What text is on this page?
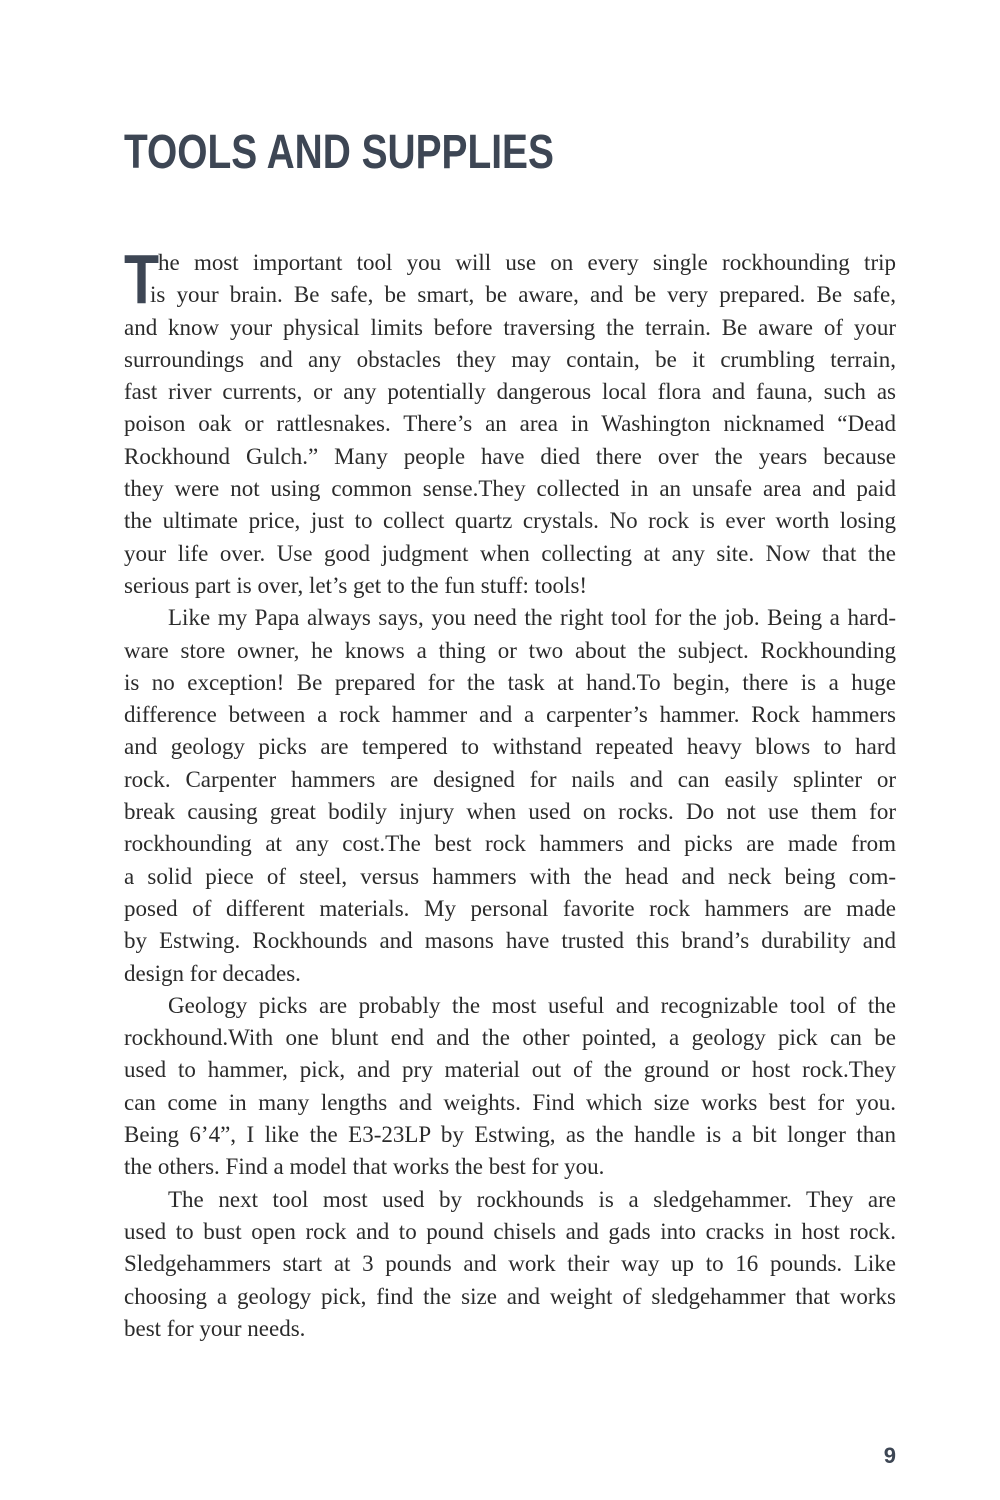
TOOLS AND SUPPLIES
T
he most important tool you will use on every single rockhounding trip
is your brain. Be safe, be smart, be aware, and be very prepared. Be safe,
and know your physical limits before traversing the terrain. Be aware of your
surroundings and any obstacles they may contain, be it crumbling terrain,
fast river currents, or any potentially dangerous local flora and fauna, such as
poison oak or rattlesnakes. There’s an area in Washington nicknamed “Dead
Rockhound Gulch.” Many people have died there over the years because
they were not using common sense.They collected in an unsafe area and paid
the ultimate price, just to collect quartz crystals. No rock is ever worth losing
your life over. Use good judgment when collecting at any site. Now that the
serious part is over, let’s get to the fun stuff: tools!
Like my Papa always says, you need the right tool for the job. Being a hard-
ware store owner, he knows a thing or two about the subject. Rockhounding
is no exception! Be prepared for the task at hand.To begin, there is a huge
difference between a rock hammer and a carpenter’s hammer. Rock hammers
and geology picks are tempered to withstand repeated heavy blows to hard
rock. Carpenter hammers are designed for nails and can easily splinter or
break causing great bodily injury when used on rocks. Do not use them for
rockhounding at any cost.The best rock hammers and picks are made from
a solid piece of steel, versus hammers with the head and neck being com-
posed of different materials. My personal favorite rock hammers are made
by Estwing. Rockhounds and masons have trusted this brand’s durability and
design for decades.
Geology picks are probably the most useful and recognizable tool of the
rockhound.With one blunt end and the other pointed, a geology pick can be
used to hammer, pick, and pry material out of the ground or host rock.They
can come in many lengths and weights. Find which size works best for you.
Being 6’4”, I like the E3-23LP by Estwing, as the handle is a bit longer than
the others. Find a model that works the best for you.
The next tool most used by rockhounds is a sledgehammer. They are
used to bust open rock and to pound chisels and gads into cracks in host rock.
Sledgehammers start at 3 pounds and work their way up to 16 pounds. Like
choosing a geology pick, find the size and weight of sledgehammer that works
best for your needs.
9
